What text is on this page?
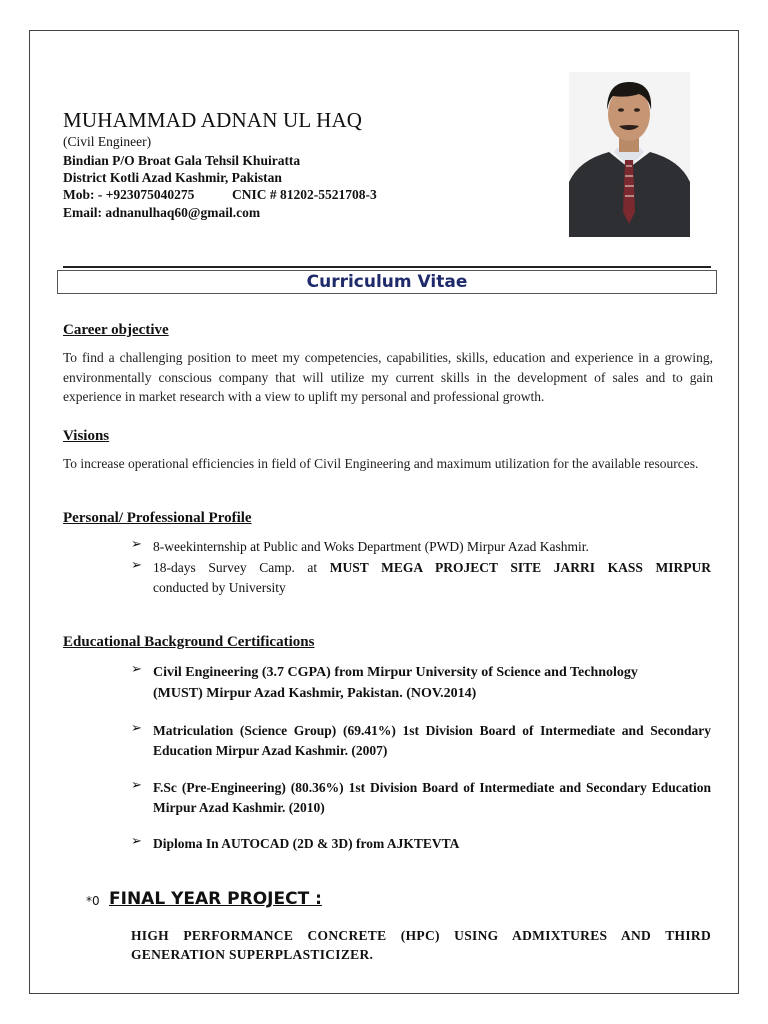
MUHAMMAD ADNAN UL HAQ
(Civil Engineer)
Bindian P/O Broat Gala Tehsil Khuiratta
District Kotli Azad Kashmir, Pakistan
Mob: - +923075040275	CNIC # 81202-5521708-3
Email: adnanulhaq60@gmail.com
Curriculum Vitae
Career objective
To find a challenging position to meet my competencies, capabilities, skills, education and experience in a growing, environmentally conscious company that will utilize my current skills in the development of sales and to gain experience in market research with a view to uplift my personal and professional growth.
Visions
To increase operational efficiencies in field of Civil Engineering and maximum utilization for the available resources.
Personal/ Professional Profile
➢ 8-weekinternship at Public and Woks Department (PWD) Mirpur Azad Kashmir.
➢ 18-days Survey Camp. at MUST MEGA PROJECT SITE JARRI KASS MIRPUR
conducted by University
Educational Background Certifications
➢ Civil Engineering (3.7 CGPA) from Mirpur University of Science and Technology (MUST) Mirpur Azad Kashmir, Pakistan. (NOV.2014)
➢ Matriculation (Science Group) (69.41%) 1st Division Board of Intermediate and Secondary Education Mirpur Azad Kashmir. (2007)
➢ F.Sc (Pre-Engineering) (80.36%) 1st Division Board of Intermediate and Secondary Education Mirpur Azad Kashmir. (2010)
➢ Diploma In AUTOCAD (2D & 3D) from AJKTEVTA
*0 FINAL YEAR PROJECT :
HIGH PERFORMANCE CONCRETE (HPC) USING ADMIXTURES AND THIRD GENERATION SUPERPLASTICIZER.
